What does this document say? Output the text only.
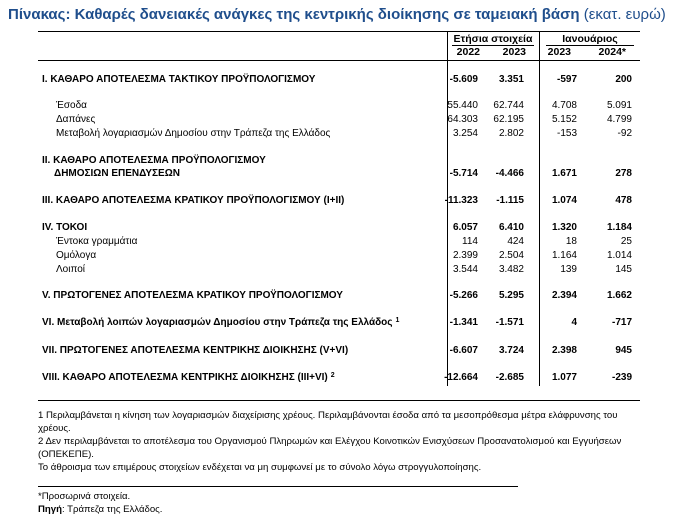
Πίνακας: Καθαρές δανειακές ανάγκες της κεντρικής διοίκησης σε ταμειακή βάση (εκατ. ευρώ)
Ετήσια στοιχεία	Ιανουάριος
2022	2023	2023	2024*
I. ΚΑΘΑΡΟ ΑΠΟΤΕΛΕΣΜΑ ΤΑΚΤΙΚΟΥ ΠΡΟΫΠΟΛΟΓΙΣΜΟΥ	-5.609	3.351	-597	200
Έσοδα	55.440	62.744	4.708	5.091
Δαπάνες	64.303	62.195	5.152	4.799
Μεταβολή λογαριασμών Δημοσίου στην Τράπεζα της Ελλάδος	3.254	2.802	-153	-92
II. ΚΑΘΑΡΟ ΑΠΟΤΕΛΕΣΜΑ ΠΡΟΫΠΟΛΟΓΙΣΜΟΥ
ΔΗΜΟΣΙΩΝ ΕΠΕΝΔΥΣΕΩΝ	-5.714	-4.466	1.671	278
III. ΚΑΘΑΡΟ ΑΠΟΤΕΛΕΣΜΑ ΚΡΑΤΙΚΟΥ ΠΡΟΫΠΟΛΟΓΙΣΜΟΥ (I+II)	-11.323	-1.115	1.074	478
IV. ΤΟΚΟΙ	6.057	6.410	1.320	1.184
Έντοκα γραμμάτια	114	424	18	25
Ομόλογα	2.399	2.504	1.164	1.014
Λοιποί	3.544	3.482	139	145
V. ΠΡΩΤΟΓΕΝΕΣ ΑΠΟΤΕΛΕΣΜΑ ΚΡΑΤΙΚΟΥ ΠΡΟΫΠΟΛΟΓΙΣΜΟΥ	-5.266	5.295	2.394	1.662
VI. Μεταβολή λοιπών λογαριασμών Δημοσίου στην Τράπεζα της Ελλάδος $^1$	-1.341	-1.571	4	-717
VII. ΠΡΩΤΟΓΕΝΕΣ ΑΠΟΤΕΛΕΣΜΑ ΚΕΝΤΡΙΚΗΣ ΔΙΟΙΚΗΣΗΣ (V+VI)	-6.607	3.724	2.398	945
VIII. ΚΑΘΑΡΟ ΑΠΟΤΕΛΕΣΜΑ ΚΕΝΤΡΙΚΗΣ ΔΙΟΙΚΗΣΗΣ (III+VI) $^2$	-12.664	-2.685	1.077	-239

1 Περιλαμβάνεται η κίνηση των λογαριασμών διαχείρισης χρέους. Περιλαμβάνονται έσοδα από τα μεσοπρόθεσμα μέτρα ελάφρυνσης του χρέους.

2 Δεν περιλαμβάνεται το αποτέλεσμα του Οργανισμού Πληρωμών και Ελέγχου Κοινοτικών Ενισχύσεων Προσανατολισμού και Εγγυήσεων (ΟΠΕΚΕΠΕ).

Το άθροισμα των επιμέρους στοιχείων ενδέχεται να μη συμφωνεί με το σύνολο λόγω στρογγυλοποίησης.

*Προσωρινά στοιχεία.
Πηγή: Τράπεζα της Ελλάδος.
